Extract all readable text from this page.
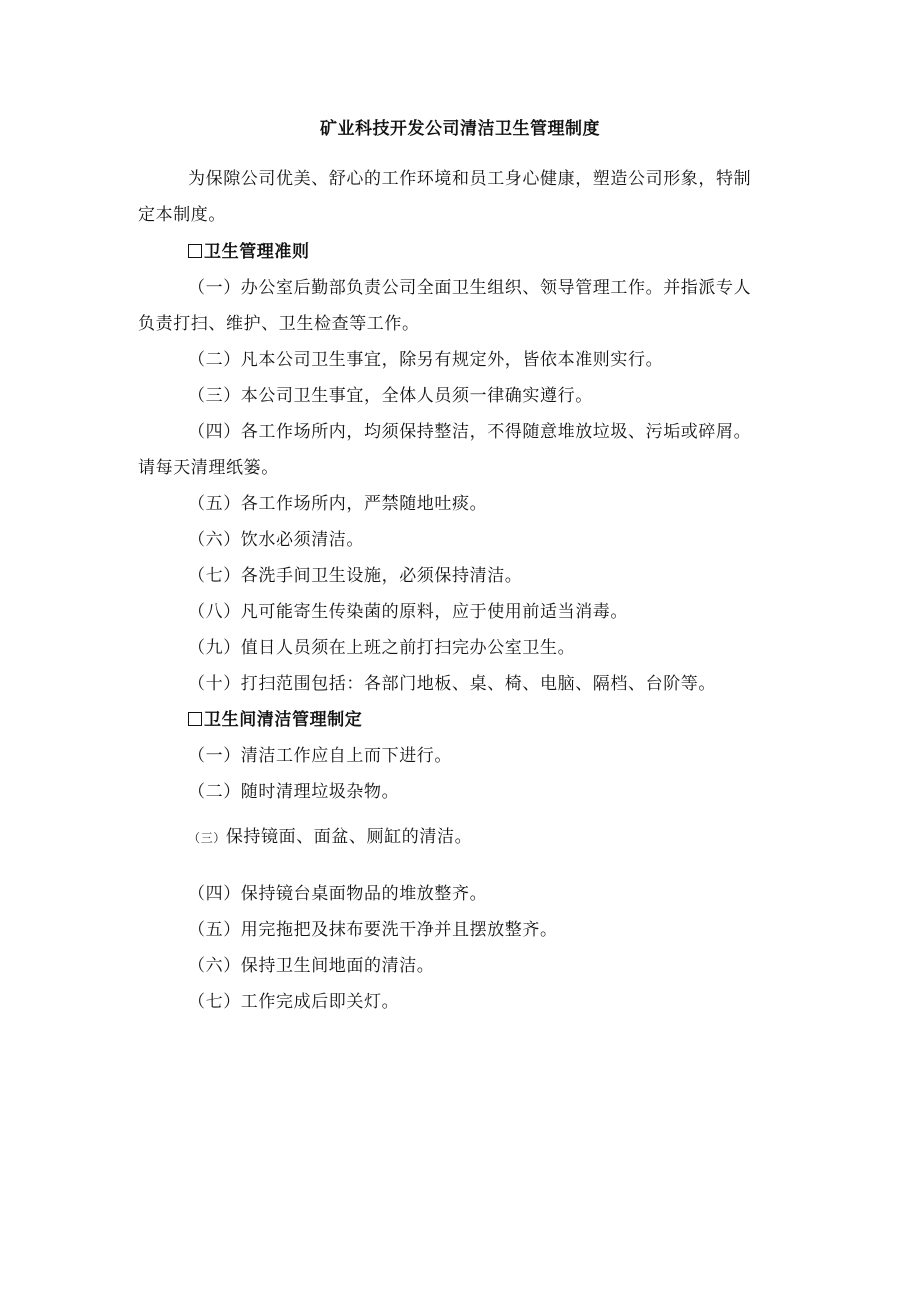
矿业科技开发公司清洁卫生管理制度
为保隙公司优美、舒心的工作环境和员工身心健康，塑造公司形象，特制
定本制度。
卫生管理准则
（一）办公室后勤部负责公司全面卫生组织、领导管理工作。并指派专人
负责打扫、维护、卫生检查等工作。
（二）凡本公司卫生事宜，除另有规定外，皆依本准则实行。
（三）本公司卫生事宜，全体人员须一律确实遵行。
（四）各工作场所内，均须保持整洁，不得随意堆放垃圾、污垢或碎屑。
请每天清理纸篓。
（五）各工作场所内，严禁随地吐痰。
（六）饮水必须清洁。
（七）各洗手间卫生设施，必须保持清洁。
（八）凡可能寄生传染菌的原料，应于使用前适当消毒。
（九）值日人员须在上班之前打扫完办公室卫生。
（十）打扫范围包括：各部门地板、桌、椅、电脑、隔档、台阶等。
卫生间清洁管理制定
（一）清洁工作应自上而下进行。
（二）随时清理垃圾杂物。
（三）保持镜面、面盆、厕缸的清洁。
（四）保持镜台桌面物品的堆放整齐。
（五）用完拖把及抹布要洗干净并且摆放整齐。
（六）保持卫生间地面的清洁。
（七）工作完成后即关灯。
